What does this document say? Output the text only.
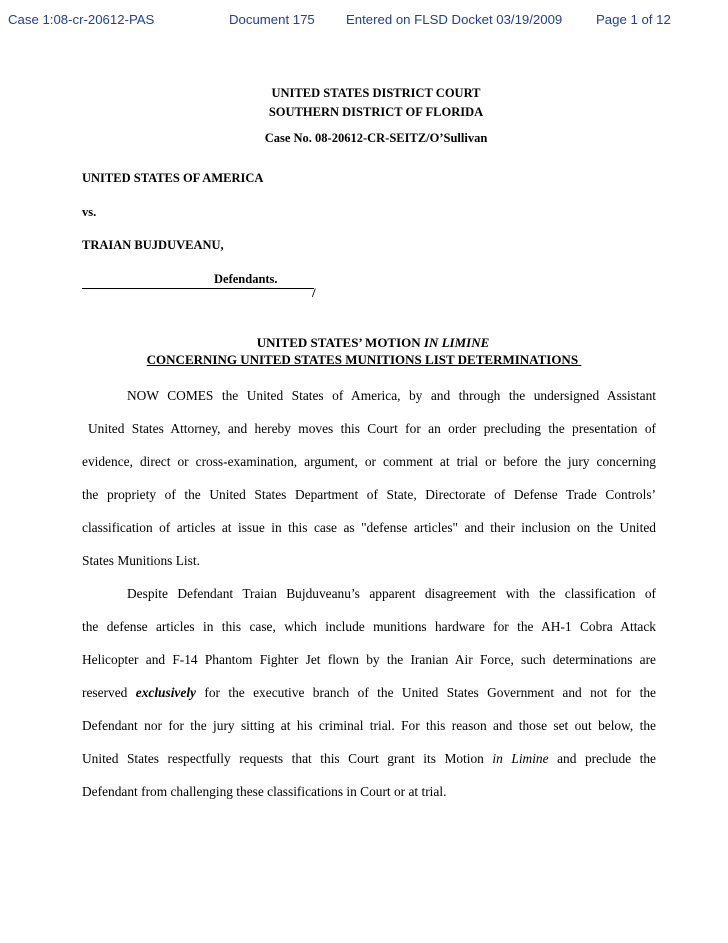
Case 1:08-cr-20612-PAS	Document 175 Entered on FLSD Docket 03/19/2009	Page 1 of 12
UNITED STATES DISTRICT COURT
SOUTHERN DISTRICT OF FLORIDA
Case No. 08-20612-CR-SEITZ/O’Sullivan
UNITED STATES OF AMERICA
vs.
TRAIAN BUJDUVEANU,
Defendants.
/
UNITED STATES’ MOTION IN LIMINE
CONCERNING UNITED STATES MUNITIONS LIST DETERMINATIONS
NOW COMES the United States of America, by and through the undersigned Assistant
United States Attorney, and hereby moves this Court for an order precluding the presentation of
evidence, direct or cross-examination, argument, or comment at trial or before the jury concerning
the propriety of the United States Department of State, Directorate of Defense Trade Controls’
classification of articles at issue in this case as "defense articles" and their inclusion on the United
States Munitions List.
Despite Defendant Traian Bujduveanu’s apparent disagreement with the classification of
the defense articles in this case, which include munitions hardware for the AH-1 Cobra Attack
Helicopter and F-14 Phantom Fighter Jet flown by the Iranian Air Force, such determinations are
reserved exclusively for the executive branch of the United States Government and not for the
Defendant nor for the jury sitting at his criminal trial. For this reason and those set out below, the
United States respectfully requests that this Court grant its Motion in Limine and preclude the
Defendant from challenging these classifications in Court or at trial.
